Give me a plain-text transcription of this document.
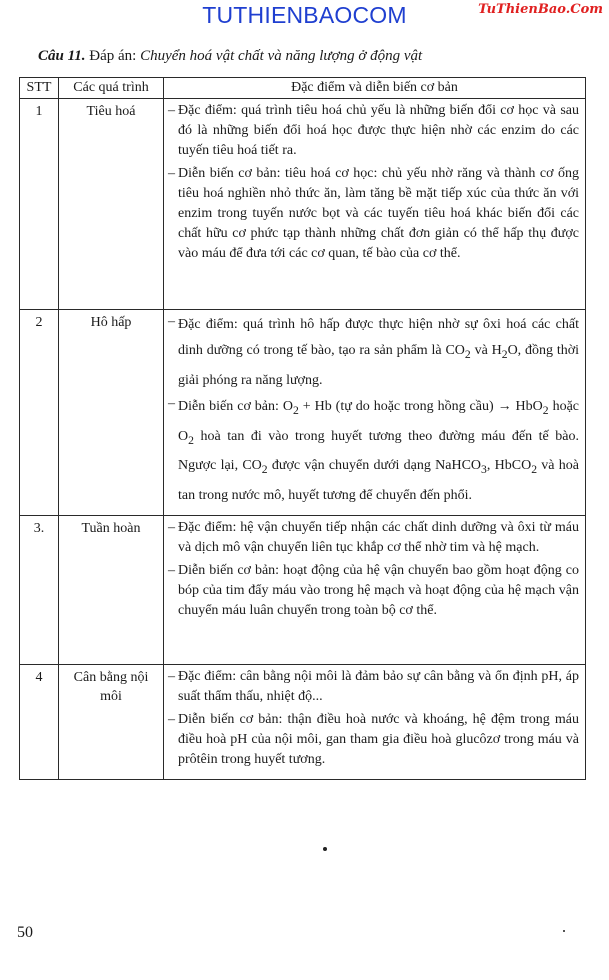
TUTHIENBAOCOM	TuThienBao.Com
Câu 11. Đáp án: Chuyển hoá vật chất và năng lượng ở động vật
STT	Các quá trình	Đặc điểm và diễn biến cơ bản
1	Tiêu hoá	– Đặc điểm: quá trình tiêu hoá chủ yếu là những biến đổi cơ học và sau đó là những biến đổi hoá học được thực hiện nhờ các enzim do các tuyến tiêu hoá tiết ra.
– Diễn biến cơ bản: tiêu hoá cơ học: chủ yếu nhờ răng và thành cơ ống tiêu hoá nghiền nhỏ thức ăn, làm tăng bề mặt tiếp xúc của thức ăn với enzim trong tuyến nước bọt và các tuyến tiêu hoá khác biến đổi các chất hữu cơ phức tạp thành những chất đơn giản có thể hấp thụ được vào máu để đưa tới các cơ quan, tế bào của cơ thể.

2	Hô hấp	– Đặc điểm: quá trình hô hấp được thực hiện nhờ sự ôxi hoá các chất dinh dưỡng có trong tế bào, tạo ra sản phẩm là $CO_2$ và $H_2O$, đồng thời giải phóng ra năng lượng.
– Diễn biến cơ bản: $O_2 + Hb$ (tự do hoặc trong hồng cầu) → HbO$_2$ hoặc $O_2$ hoà tan đi vào trong huyết tương theo đường máu đến tế bào. Ngược lại, $CO_2$ được vận chuyển dưới dạng NaHCO$_3$, HbCO$_2$ và hoà tan trong nước mô, huyết tương để chuyển đến phổi.

3.	Tuần hoàn	– Đặc điểm: hệ vận chuyển tiếp nhận các chất dinh dưỡng và ôxi từ máu và dịch mô vận chuyển liên tục khắp cơ thể nhờ tim và hệ mạch.
– Diễn biến cơ bản: hoạt động của hệ vận chuyển bao gồm hoạt động co bóp của tim đẩy máu vào trong hệ mạch và hoạt động của hệ mạch vận chuyển máu luân chuyển trong toàn bộ cơ thể.

4	Cân bằng nội môi	– Đặc điểm: cân bằng nội môi là đảm bảo sự cân bằng và ổn định pH, áp suất thẩm thấu, nhiệt độ...
– Diễn biến cơ bản: thận điều hoà nước và khoáng, hệ đệm trong máu điều hoà pH của nội môi, gan tham gia điều hoà glucôzơ trong máu và prôtêin trong huyết tương.
50
